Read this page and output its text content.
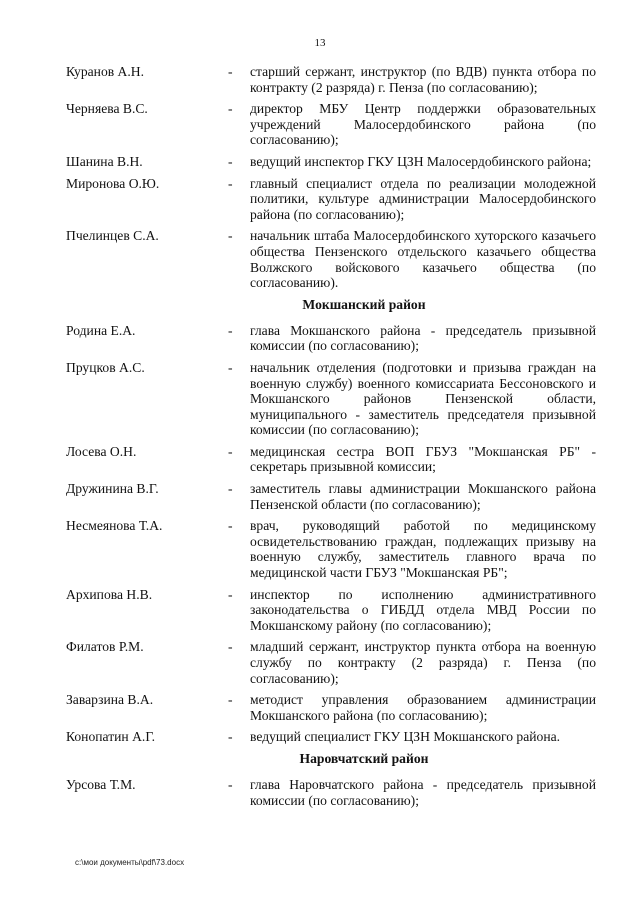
13
Куранов А.Н.	-	старший сержант, инструктор (по ВДВ) пункта отбора по контракту (2 разряда) г. Пенза (по согласованию);
Черняева В.С.	-	директор МБУ Центр поддержки образовательных учреждений Малосердобинского района (по согласованию);
Шанина В.Н.	-	ведущий инспектор ГКУ ЦЗН Малосердобинского района;
Миронова О.Ю.	-	главный специалист отдела по реализации молодежной политики, культуре администрации Малосердобинского района (по согласованию);
Пчелинцев С.А.	-	начальник штаба Малосердобинского хуторского казачьего общества Пензенского отдельского казачьего общества Волжского войскового казачьего общества (по согласованию).
Мокшанский район
Родина Е.А.	-	глава Мокшанского района - председатель призывной комиссии (по согласованию);
Пруцков А.С.	-	начальник отделения (подготовки и призыва граждан на военную службу) военного комиссариата Бессоновского и Мокшанского районов Пензенской области, муниципального - заместитель председателя призывной комиссии (по согласованию);
Лосева О.Н.	-	медицинская сестра ВОП ГБУЗ "Мокшанская РБ" - секретарь призывной комиссии;
Дружинина В.Г.	-	заместитель главы администрации Мокшанского района Пензенской области (по согласованию);
Несмеянова Т.А.	-	врач, руководящий работой по медицинскому освидетельствованию граждан, подлежащих призыву на военную службу, заместитель главного врача по медицинской части ГБУЗ "Мокшанская РБ";
Архипова Н.В.	-	инспектор по исполнению административного законодательства о ГИБДД отдела МВД России по Мокшанскому району (по согласованию);
Филатов Р.М.	-	младший сержант, инструктор пункта отбора на военную службу по контракту (2 разряда) г. Пенза (по согласованию);
Заварзина В.А.	-	методист управления образованием администрации Мокшанского района (по согласованию);
Конопатин А.Г.	-	ведущий специалист ГКУ ЦЗН Мокшанского района.
Наровчатский район
Урсова Т.М.	-	глава Наровчатского района - председатель призывной комиссии (по согласованию);
c:\мои документы\pdf\73.docx
